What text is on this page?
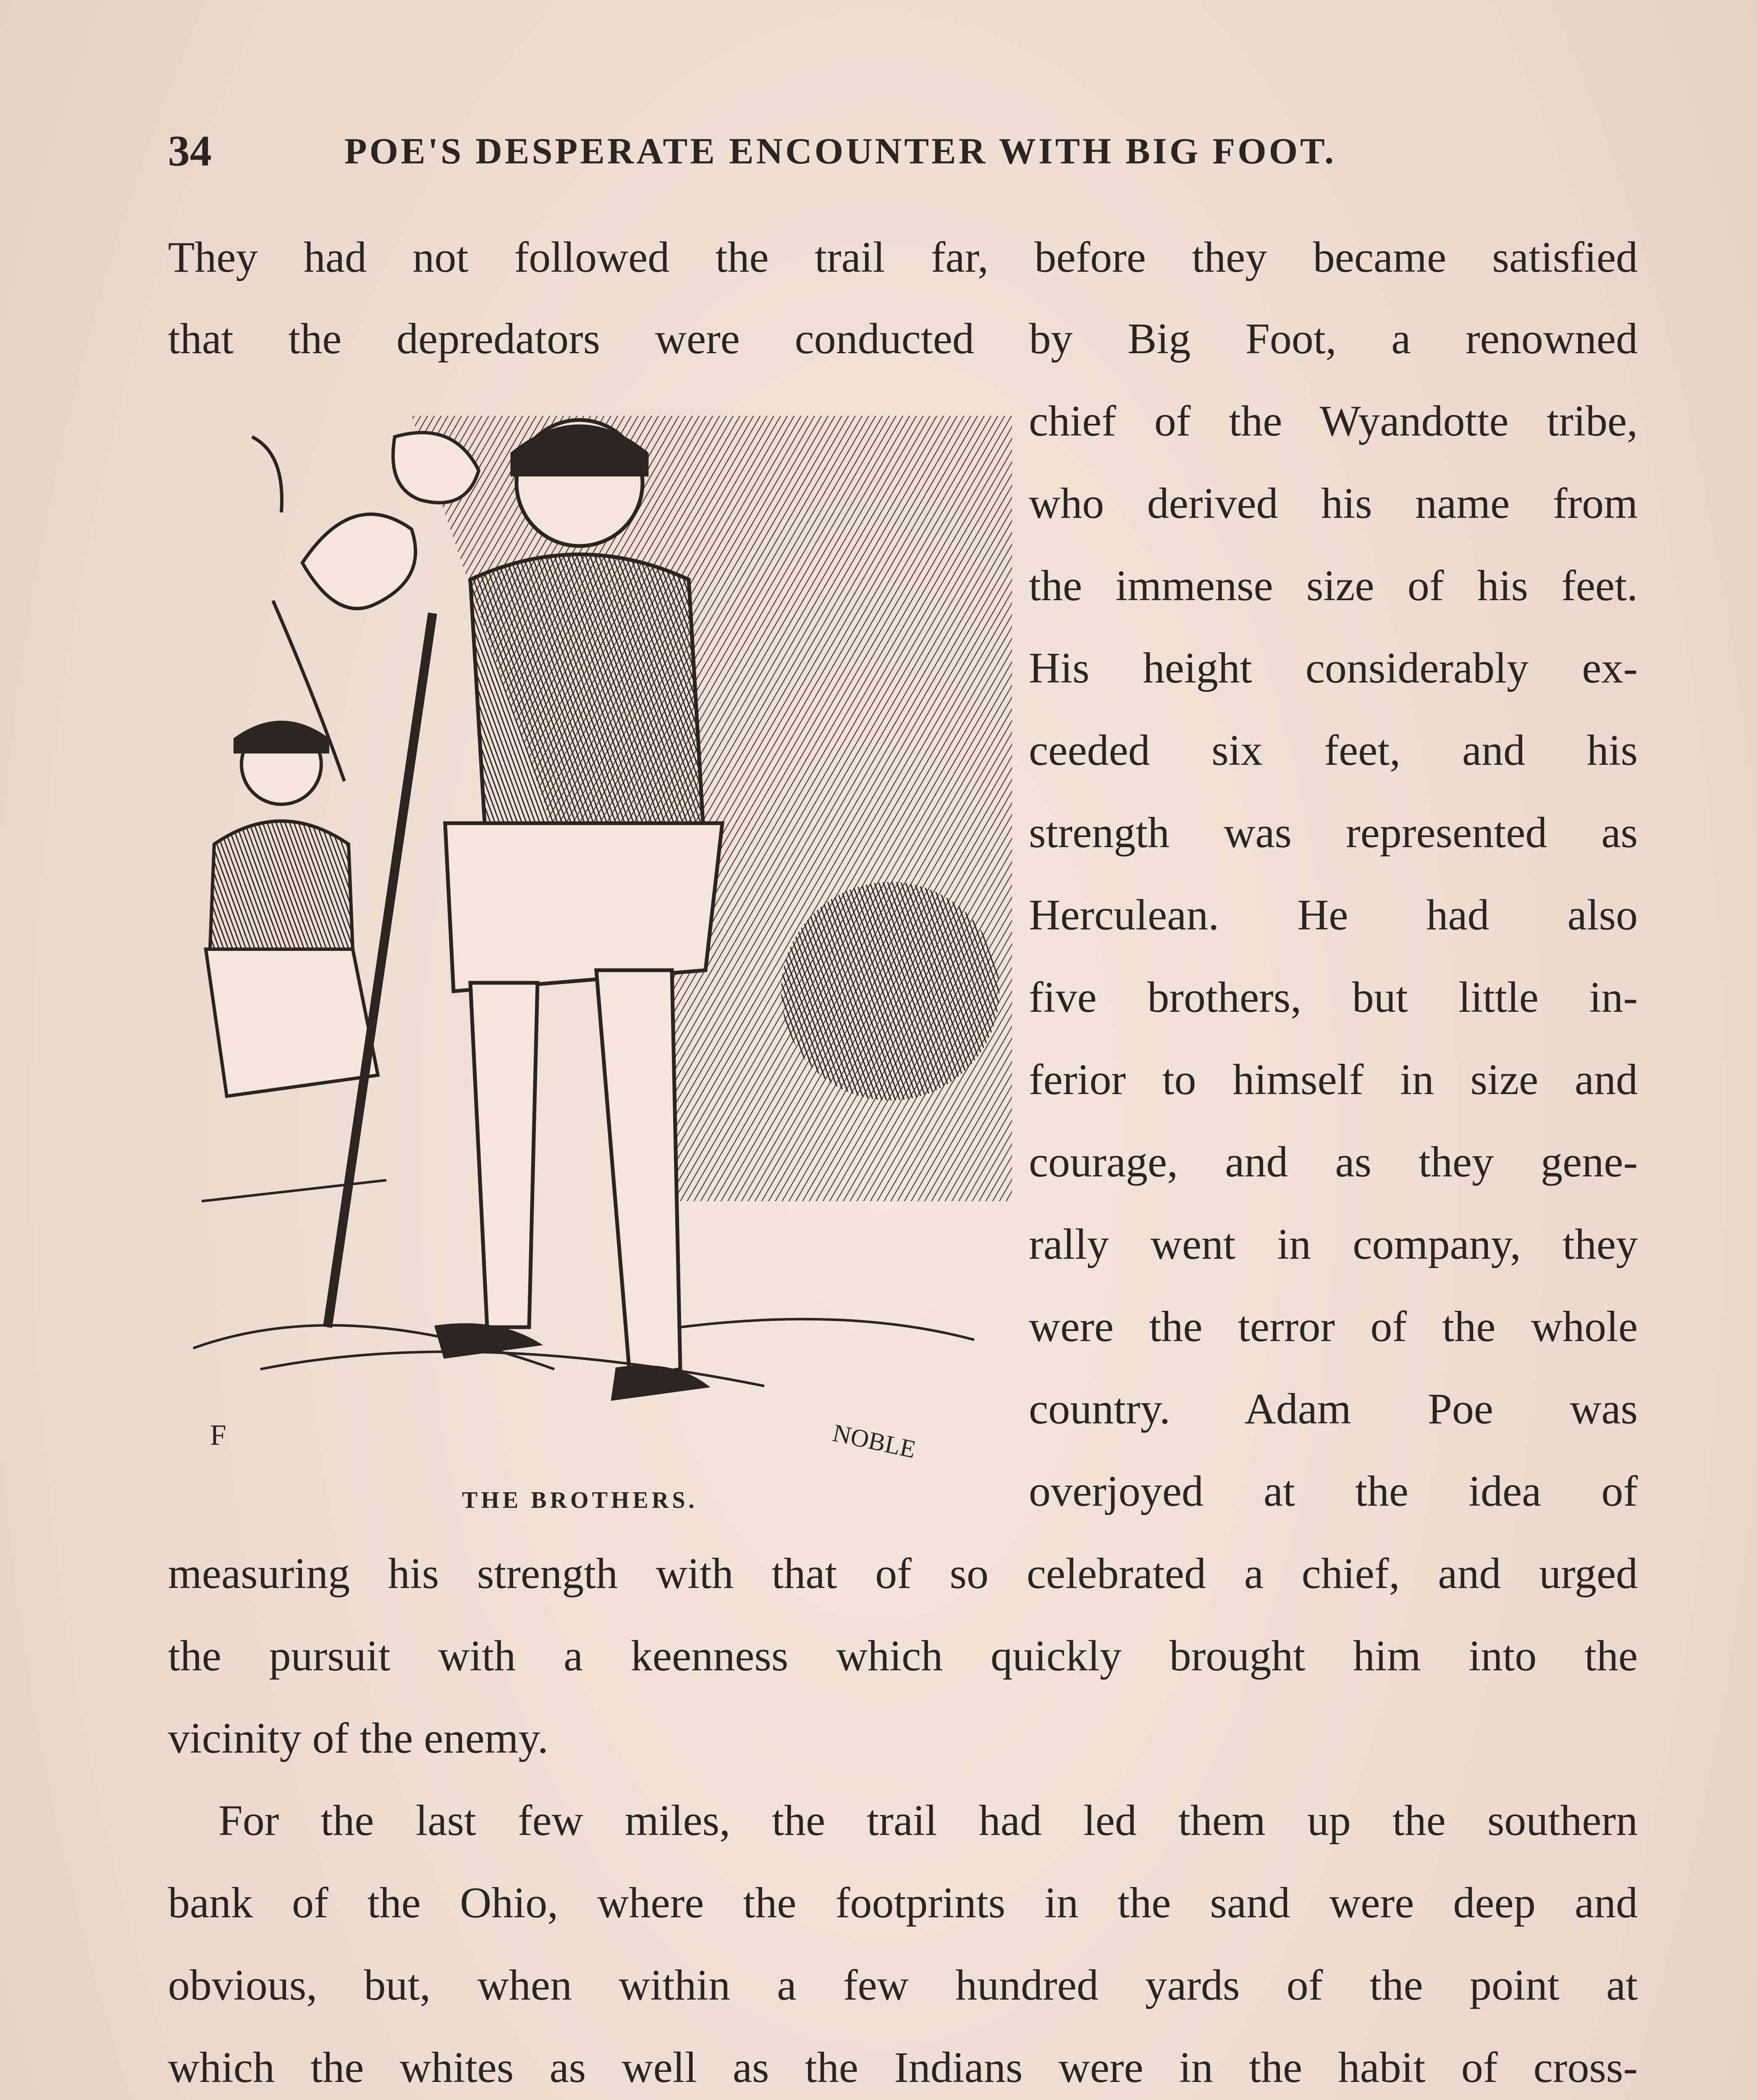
34	POE'S DESPERATE ENCOUNTER WITH BIG FOOT.
They had not followed the trail far, before they became satisfied
that the depredators were conducted by Big Foot, a renowned
chief of the Wyandotte tribe,
who derived his name from
the immense size of his feet.
His height considerably ex-
ceeded six feet, and his
strength was represented as
Herculean. He had also
five brothers, but little in-
ferior to himself in size and
courage, and as they gene-
rally went in company, they
were the terror of the whole
country. Adam Poe was
overjoyed at the idea of
measuring his strength with that of so celebrated a chief, and urged
the pursuit with a keenness which quickly brought him into the
vicinity of the enemy.
For the last few miles, the trail had led them up the southern
bank of the Ohio, where the footprints in the sand were deep and
obvious, but, when within a few hundred yards of the point at
which the whites as well as the Indians were in the habit of cross-
F	NOBLE
THE BROTHERS.
